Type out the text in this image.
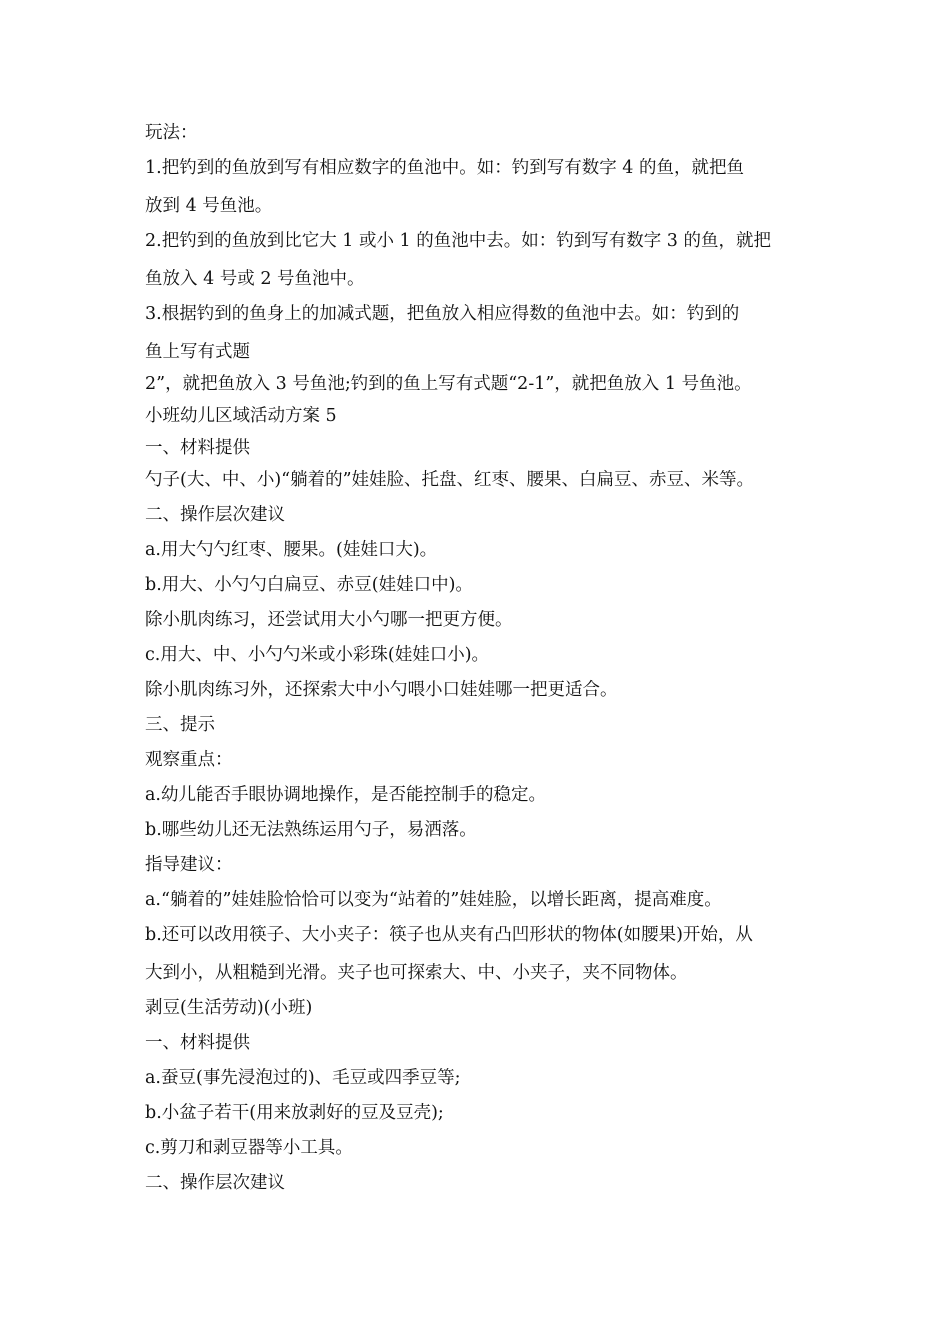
玩法：
1.把钓到的鱼放到写有相应数字的鱼池中。如：钓到写有数字 4 的鱼，就把鱼
放到 4 号鱼池。
2.把钓到的鱼放到比它大 1 或小 1 的鱼池中去。如：钓到写有数字 3 的鱼，就把
鱼放入 4 号或 2 号鱼池中。
3.根据钓到的鱼身上的加减式题，把鱼放入相应得数的鱼池中去。如：钓到的
鱼上写有式题
2”，就把鱼放入 3 号鱼池;钓到的鱼上写有式题“2-1”，就把鱼放入 1 号鱼池。
小班幼儿区域活动方案 5
一、材料提供
勺子(大、中、小)“躺着的”娃娃脸、托盘、红枣、腰果、白扁豆、赤豆、米等。
二、操作层次建议
a.用大勺勺红枣、腰果。(娃娃口大)。
b.用大、小勺勺白扁豆、赤豆(娃娃口中)。
除小肌肉练习，还尝试用大小勺哪一把更方便。
c.用大、中、小勺勺米或小彩珠(娃娃口小)。
除小肌肉练习外，还探索大中小勺喂小口娃娃哪一把更适合。
三、提示
观察重点：
a.幼儿能否手眼协调地操作，是否能控制手的稳定。
b.哪些幼儿还无法熟练运用勺子，易洒落。
指导建议：
a.“躺着的”娃娃脸恰恰可以变为“站着的”娃娃脸，以增长距离，提高难度。
b.还可以改用筷子、大小夹子：筷子也从夹有凸凹形状的物体(如腰果)开始，从
大到小，从粗糙到光滑。夹子也可探索大、中、小夹子，夹不同物体。
剥豆(生活劳动)(小班)
一、材料提供
a.蚕豆(事先浸泡过的)、毛豆或四季豆等;
b.小盆子若干(用来放剥好的豆及豆壳);
c.剪刀和剥豆器等小工具。
二、操作层次建议
